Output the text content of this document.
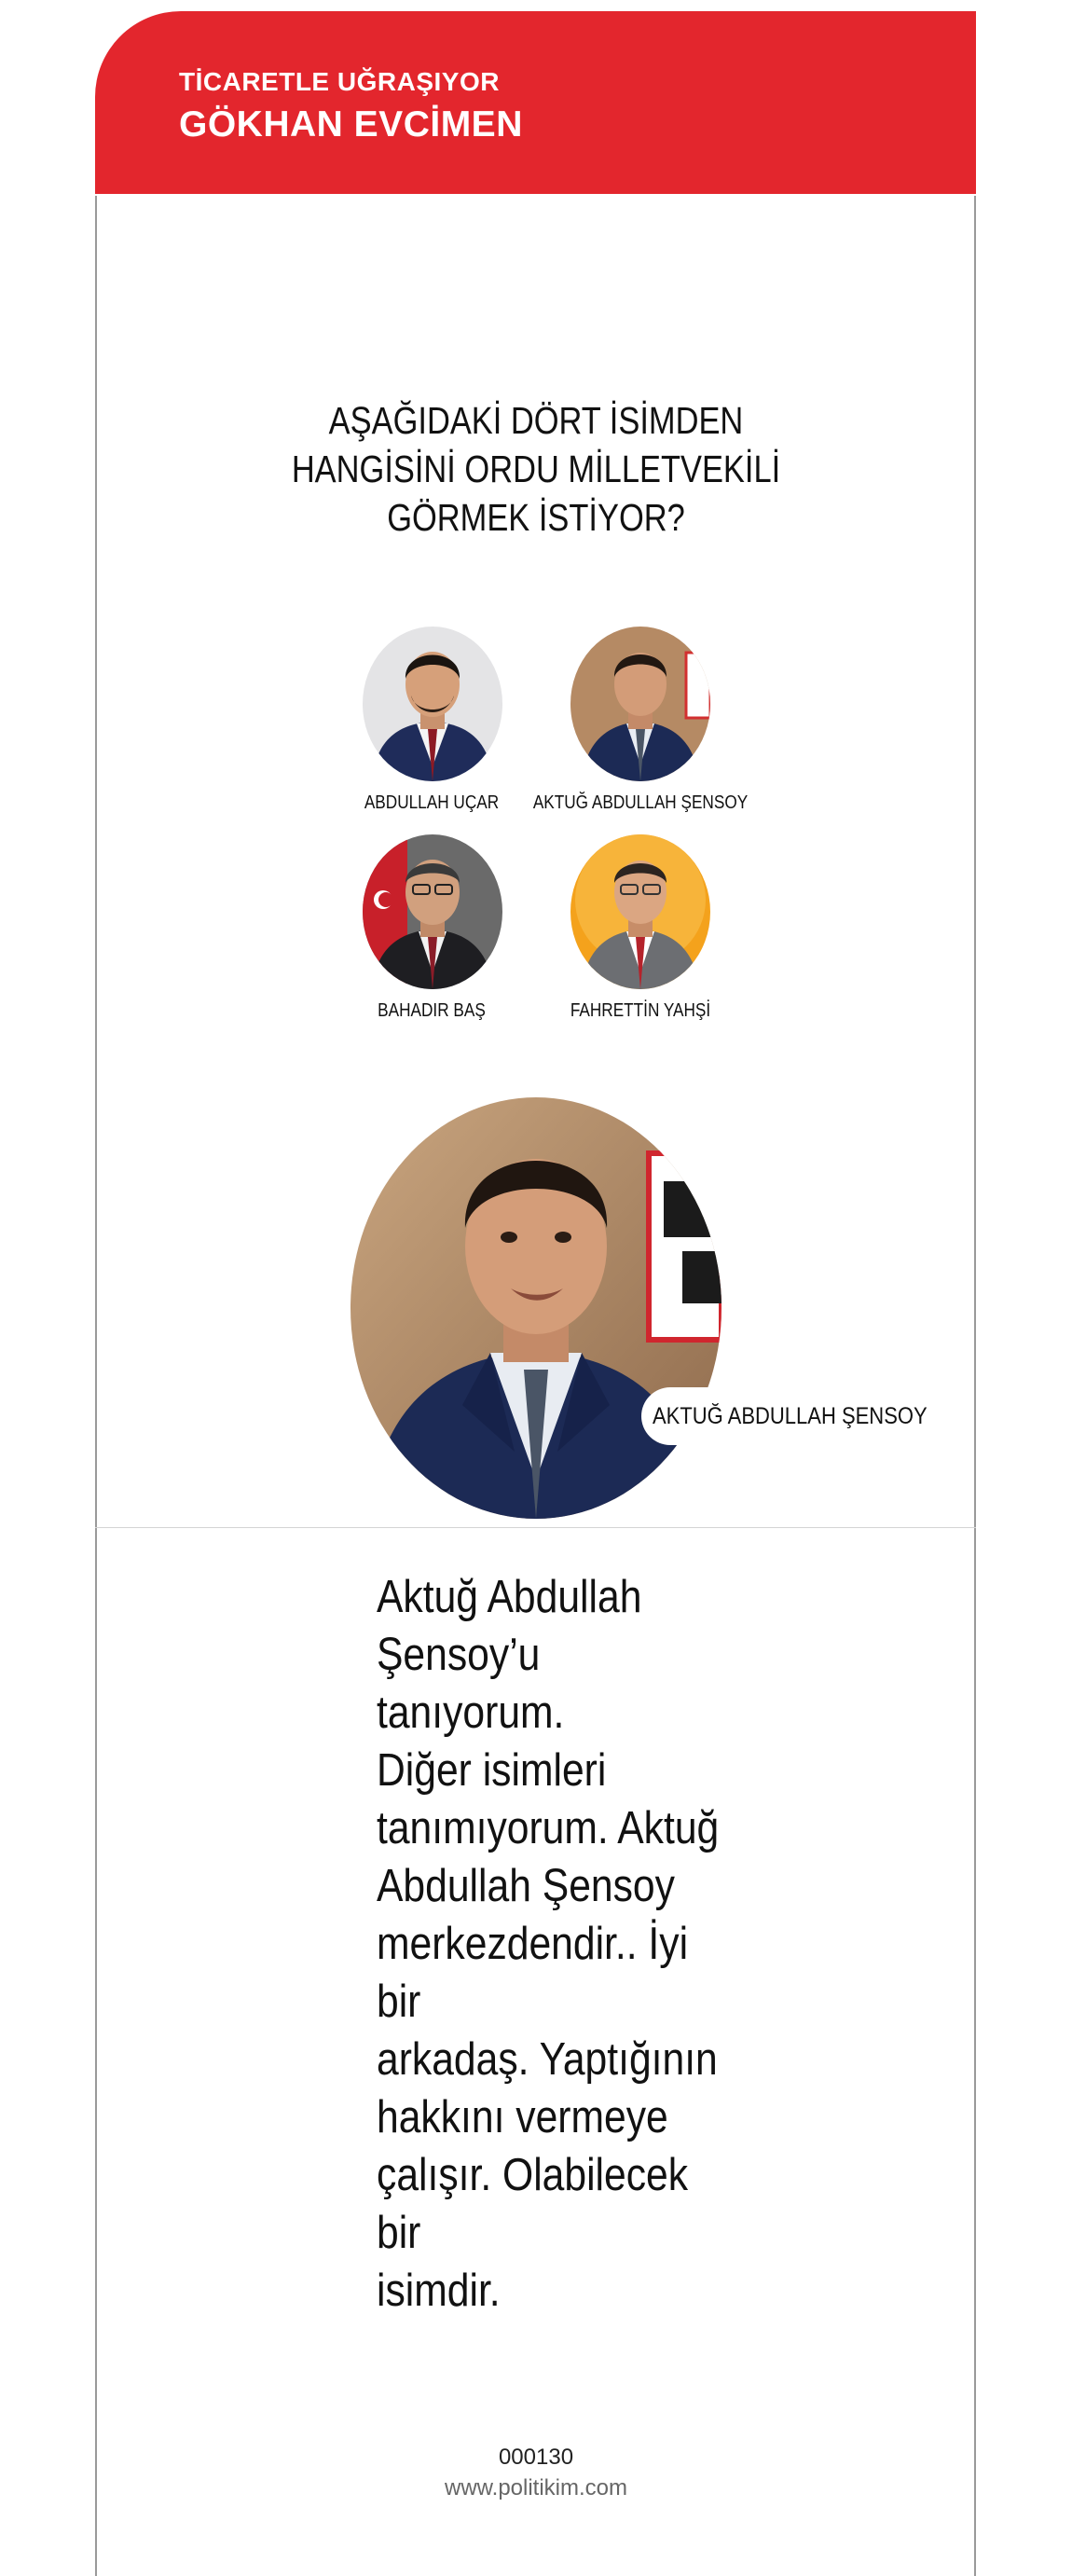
TİCARETLE UĞRAŞIYOR
GÖKHAN EVCİMEN
AŞAĞIDAKİ DÖRT İSİMDEN
HANGİSİNİ ORDU MİLLETVEKİLİ
GÖRMEK İSTİYOR?
ABDULLAH UÇAR	AKTUĞ ABDULLAH ŞENSOY
BAHADIR BAŞ	FAHRETTİN YAHŞİ
AKTUĞ ABDULLAH ŞENSOY
Aktuğ Abdullah
Şensoy’u tanıyorum.
Diğer isimleri
tanımıyorum. Aktuğ
Abdullah Şensoy
merkezdendir.. İyi bir
arkadaş. Yaptığının
hakkını vermeye
çalışır. Olabilecek bir
isimdir.
000130
www.politikim.com
